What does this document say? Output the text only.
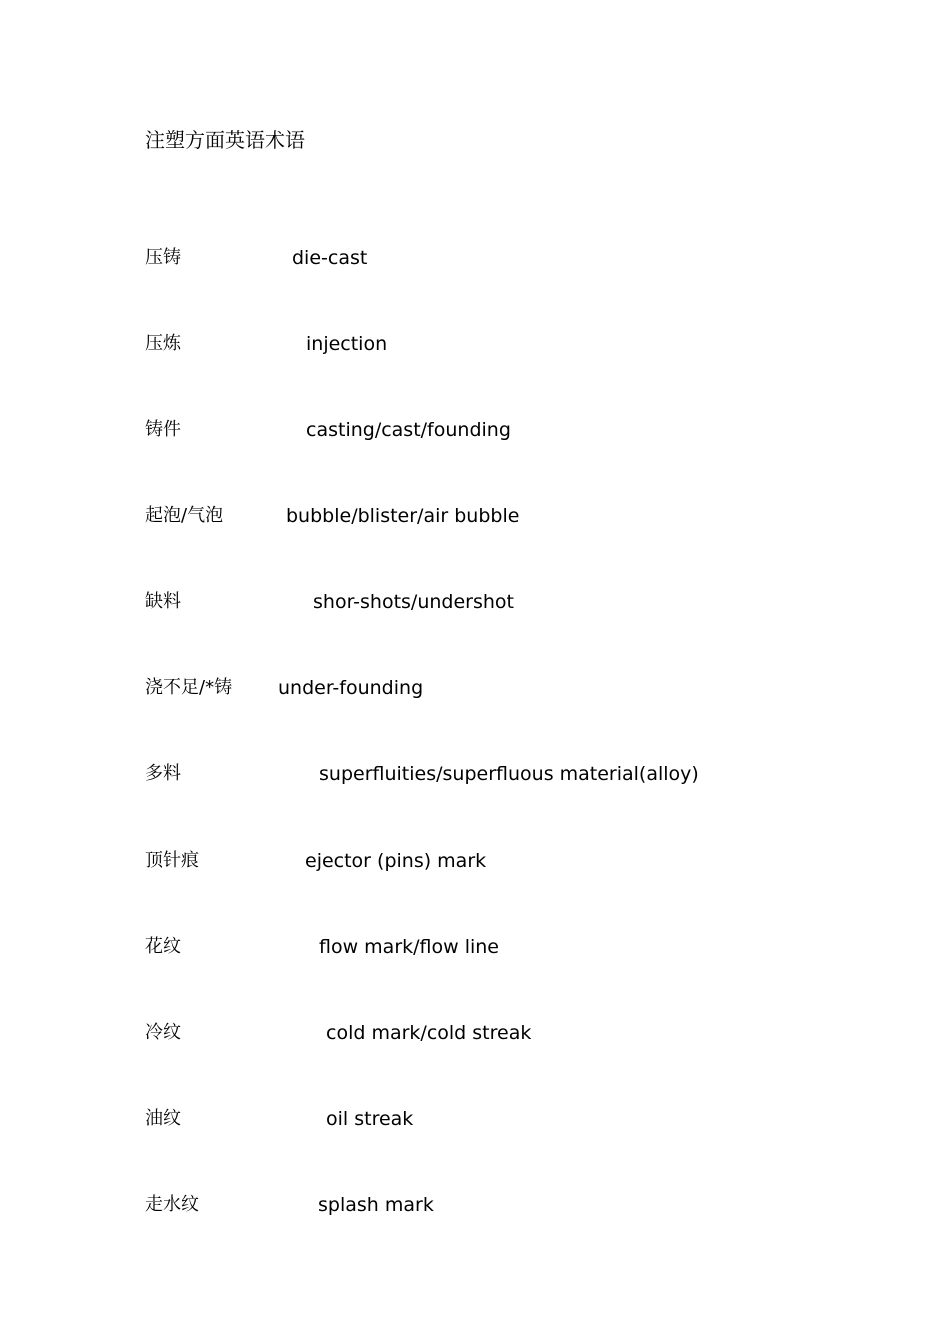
注塑方面英语术语
压铸	die-cast
压炼	injection
铸件	casting/cast/founding
起泡/气泡	bubble/blister/air bubble
缺料	shor-shots/undershot
浇不足/*铸 under-founding
多料	superfluities/superfluous material(alloy)
顶针痕	ejector (pins) mark
花纹	flow mark/flow line
冷纹	cold mark/cold streak
油纹	oil streak
走水纹	splash mark
